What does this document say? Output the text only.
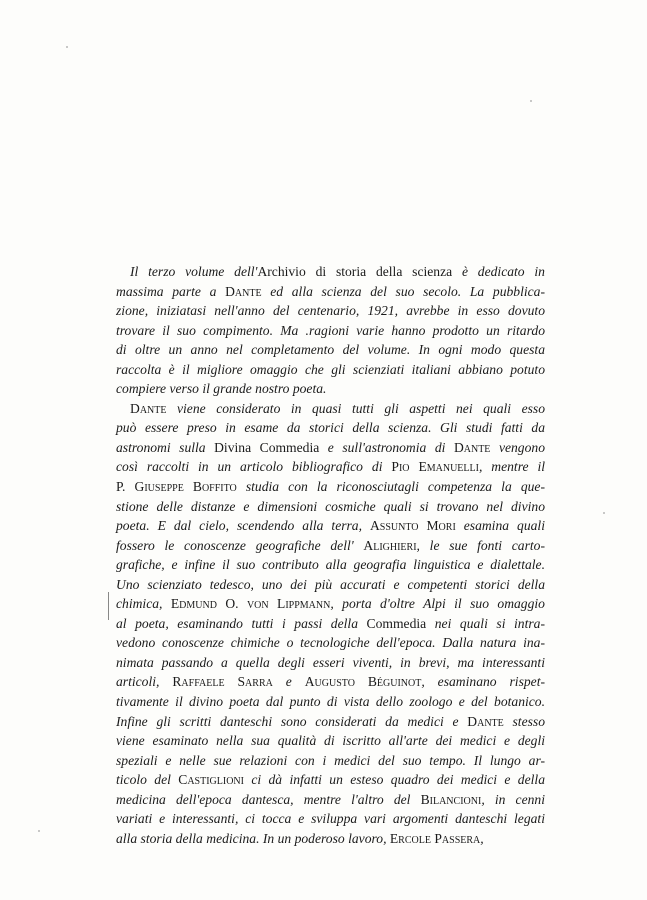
Il terzo volume dell'Archivio di storia della scienza è dedicato in
massima parte a Dante ed alla scienza del suo secolo. La pubblica-
zione, iniziatasi nell'anno del centenario, 1921, avrebbe in esso dovuto
trovare il suo compimento. Ma .ragioni varie hanno prodotto un ritardo
di oltre un anno nel completamento del volume. In ogni modo questa
raccolta è il migliore omaggio che gli scienziati italiani abbiano potuto
compiere verso il grande nostro poeta.
Dante viene considerato in quasi tutti gli aspetti nei quali esso
può essere preso in esame da storici della scienza. Gli studi fatti da
astronomi sulla Divina Commedia e sull'astronomia di Dante vengono
così raccolti in un articolo bibliografico di Pio Emanuelli, mentre il
P. Giuseppe Boffito studia con la riconosciutagli competenza la que-
stione delle distanze e dimensioni cosmiche quali si trovano nel divino
poeta. E dal cielo, scendendo alla terra, Assunto Mori esamina quali
fossero le conoscenze geografiche dell' Alighieri, le sue fonti carto-
grafiche, e infine il suo contributo alla geografia linguistica e dialettale.
Uno scienziato tedesco, uno dei più accurati e competenti storici della
chimica, Edmund O. von Lippmann, porta d'oltre Alpi il suo omaggio
al poeta, esaminando tutti i passi della Commedia nei quali si intra-
vedono conoscenze chimiche o tecnologiche dell'epoca. Dalla natura ina-
nimata passando a quella degli esseri viventi, in brevi, ma interessanti
articoli, Raffaele Sarra e Augusto Béguinot, esaminano rispet-
tivamente il divino poeta dal punto di vista dello zoologo e del botanico.
Infine gli scritti danteschi sono considerati da medici e Dante stesso
viene esaminato nella sua qualità di iscritto all'arte dei medici e degli
speziali e nelle sue relazioni con i medici del suo tempo. Il lungo ar-
ticolo del Castiglioni ci dà infatti un esteso quadro dei medici e della
medicina dell'epoca dantesca, mentre l'altro del Bilancioni, in cenni
variati e interessanti, ci tocca e sviluppa vari argomenti danteschi legati
alla storia della medicina. In un poderoso lavoro, Ercole Passera,
